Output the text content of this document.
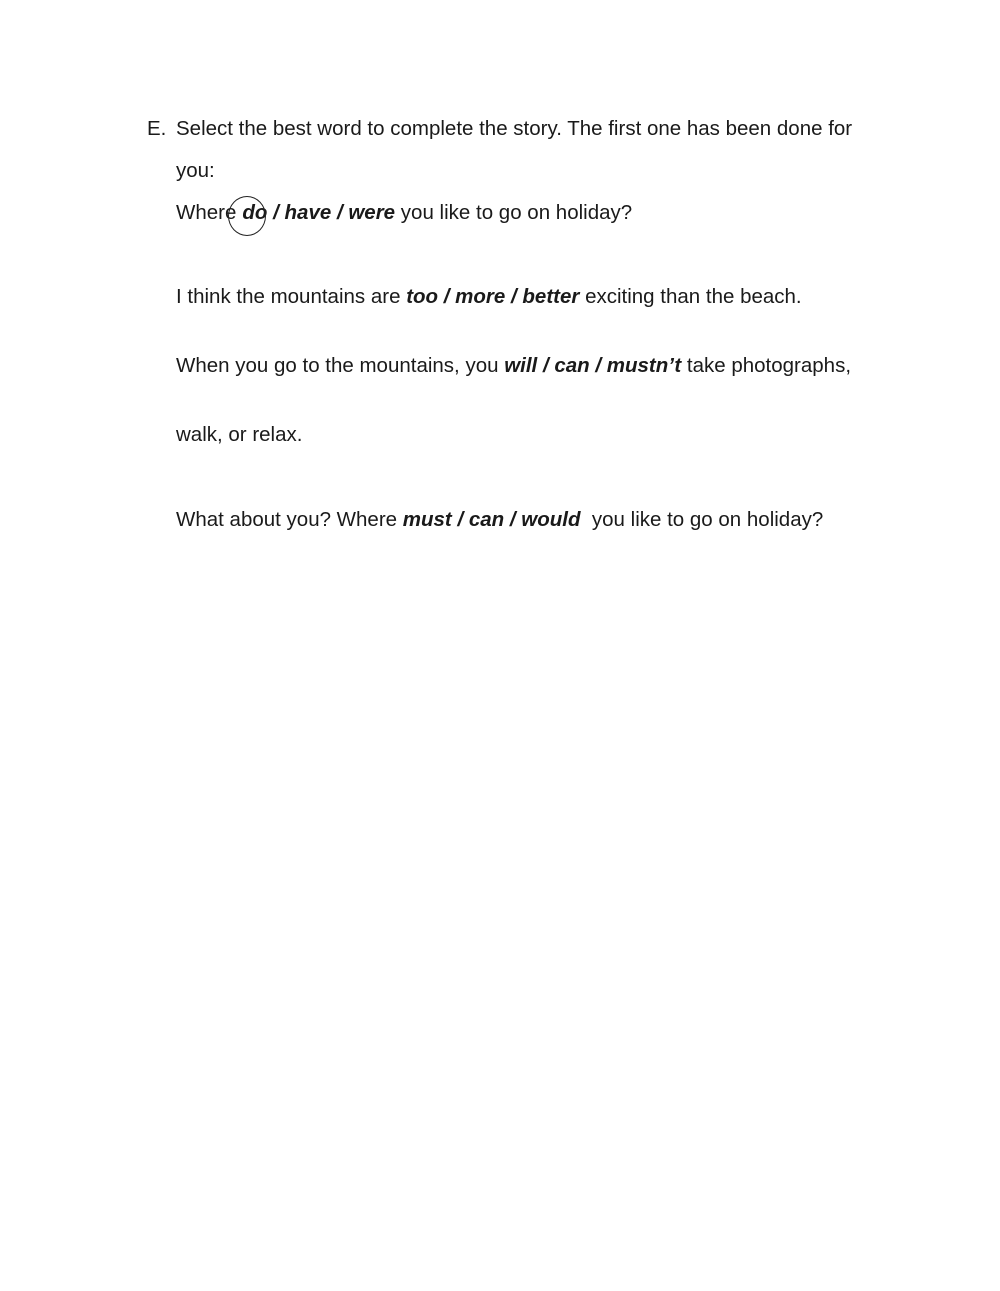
E. Select the best word to complete the story. The first one has been done for
you:
Where do / have / were you like to go on holiday?
I think the mountains are too / more / better exciting than the beach.
When you go to the mountains, you will / can / mustn’t take photographs,
walk, or relax.
What about you? Where must / can / would you like to go on holiday?
